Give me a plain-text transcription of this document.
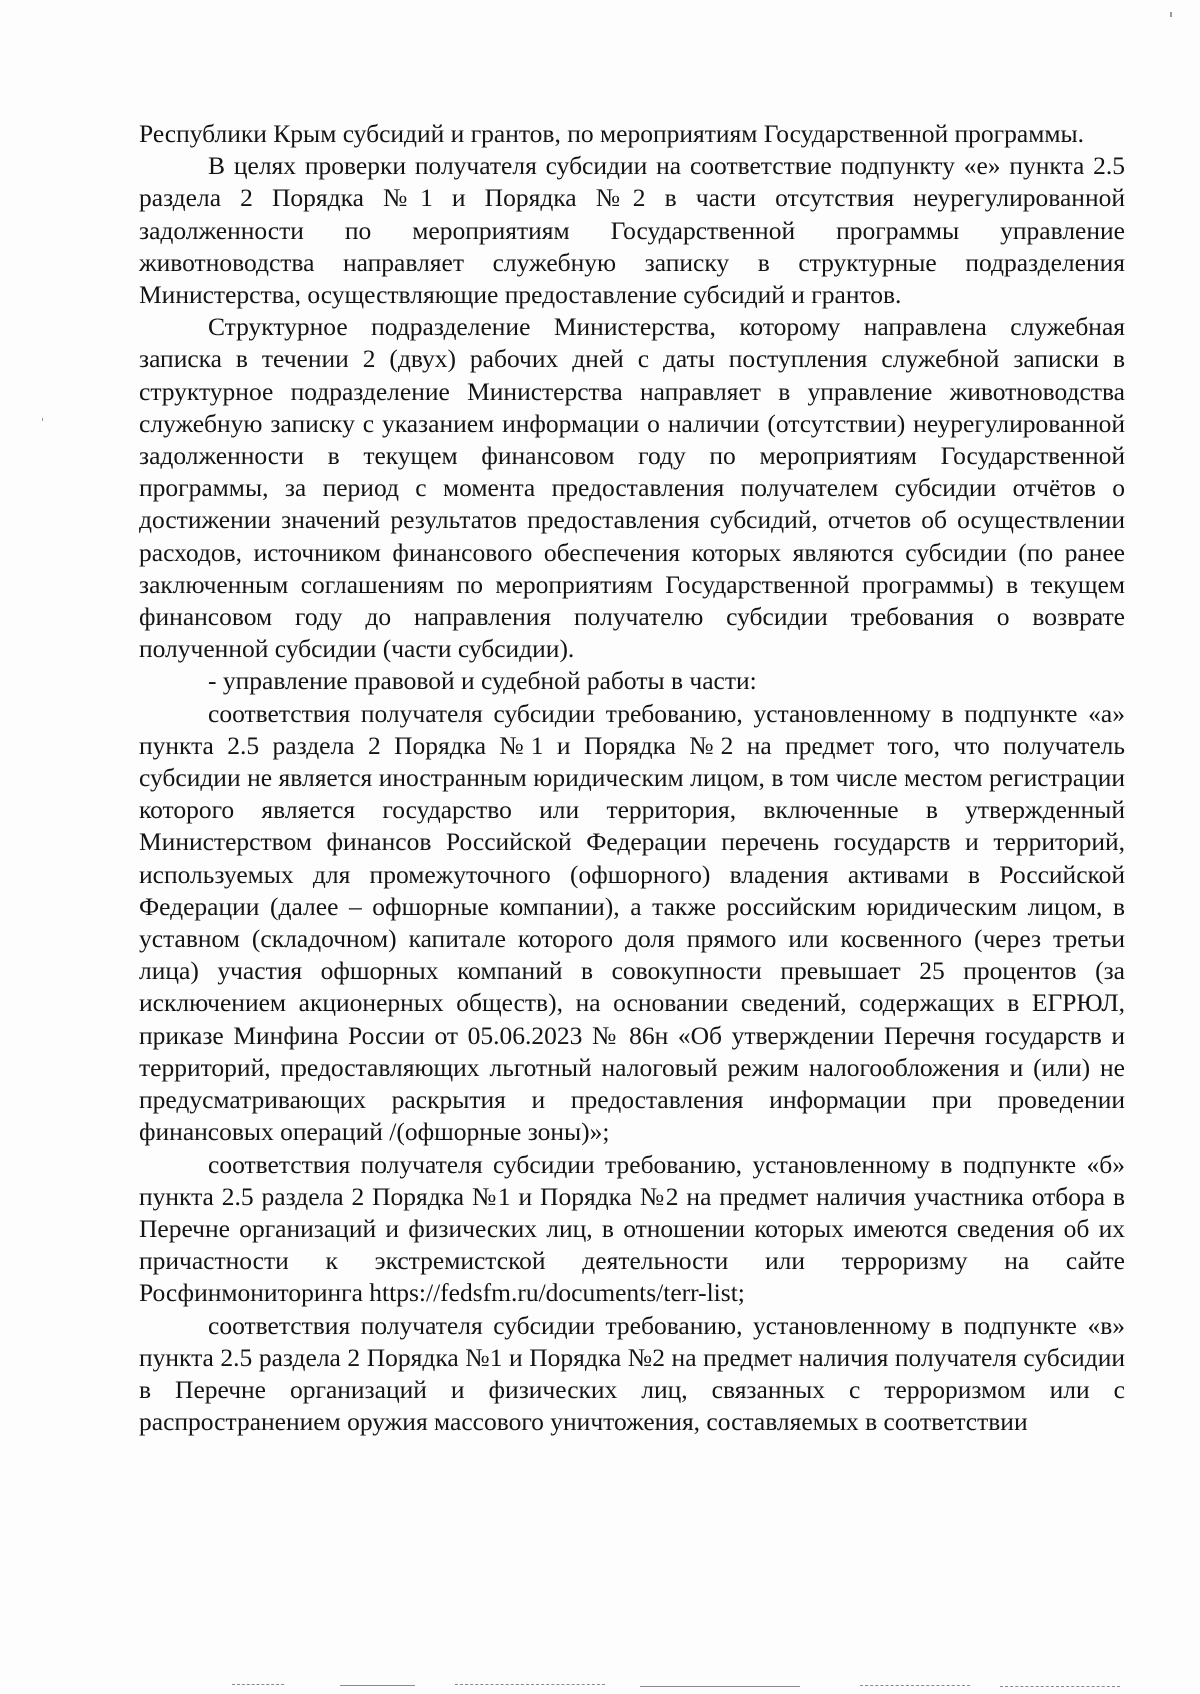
Республики Крым субсидий и грантов, по мероприятиям Государственной программы.

В целях проверки получателя субсидии на соответствие подпункту «е» пункта 2.5 раздела 2 Порядка №1 и Порядка №2 в части отсутствия неурегулированной задолженности по мероприятиям Государственной программы управление животноводства направляет служебную записку в структурные подразделения Министерства, осуществляющие предоставление субсидий и грантов.

Структурное подразделение Министерства, которому направлена служебная записка в течении 2 (двух) рабочих дней с даты поступления служебной записки в структурное подразделение Министерства направляет в управление животноводства служебную записку с указанием информации о наличии (отсутствии) неурегулированной задолженности в текущем финансовом году по мероприятиям Государственной программы, за период с момента предоставления получателем субсидии отчётов о достижении значений результатов предоставления субсидий, отчетов об осуществлении расходов, источником финансового обеспечения которых являются субсидии (по ранее заключенным соглашениям по мероприятиям Государственной программы) в текущем финансовом году до направления получателю субсидии требования о возврате полученной субсидии (части субсидии).

- управление правовой и судебной работы в части:

соответствия получателя субсидии требованию, установленному в подпункте «а» пункта 2.5 раздела 2 Порядка №1 и Порядка №2 на предмет того, что получатель субсидии не является иностранным юридическим лицом, в том числе местом регистрации которого является государство или территория, включенные в утвержденный Министерством финансов Российской Федерации перечень государств и территорий, используемых для промежуточного (офшорного) владения активами в Российской Федерации (далее – офшорные компании), а также российским юридическим лицом, в уставном (складочном) капитале которого доля прямого или косвенного (через третьи лица) участия офшорных компаний в совокупности превышает 25 процентов (за исключением акционерных обществ), на основании сведений, содержащих в ЕГРЮЛ, приказе Минфина России от 05.06.2023 № 86н «Об утверждении Перечня государств и территорий, предоставляющих льготный налоговый режим налогообложения и (или) не предусматривающих раскрытия и предоставления информации при проведении финансовых операций /(офшорные зоны)»;

соответствия получателя субсидии требованию, установленному в подпункте «б» пункта 2.5 раздела 2 Порядка №1 и Порядка №2 на предмет наличия участника отбора в Перечне организаций и физических лиц, в отношении которых имеются сведения об их причастности к экстремистской деятельности или терроризму на сайте Росфинмониторинга https://fedsfm.ru/documents/terr-list;

соответствия получателя субсидии требованию, установленному в подпункте «в» пункта 2.5 раздела 2 Порядка №1 и Порядка №2 на предмет наличия получателя субсидии в Перечне организаций и физических лиц, связанных с терроризмом или с распространением оружия массового уничтожения, составляемых в соответствии
